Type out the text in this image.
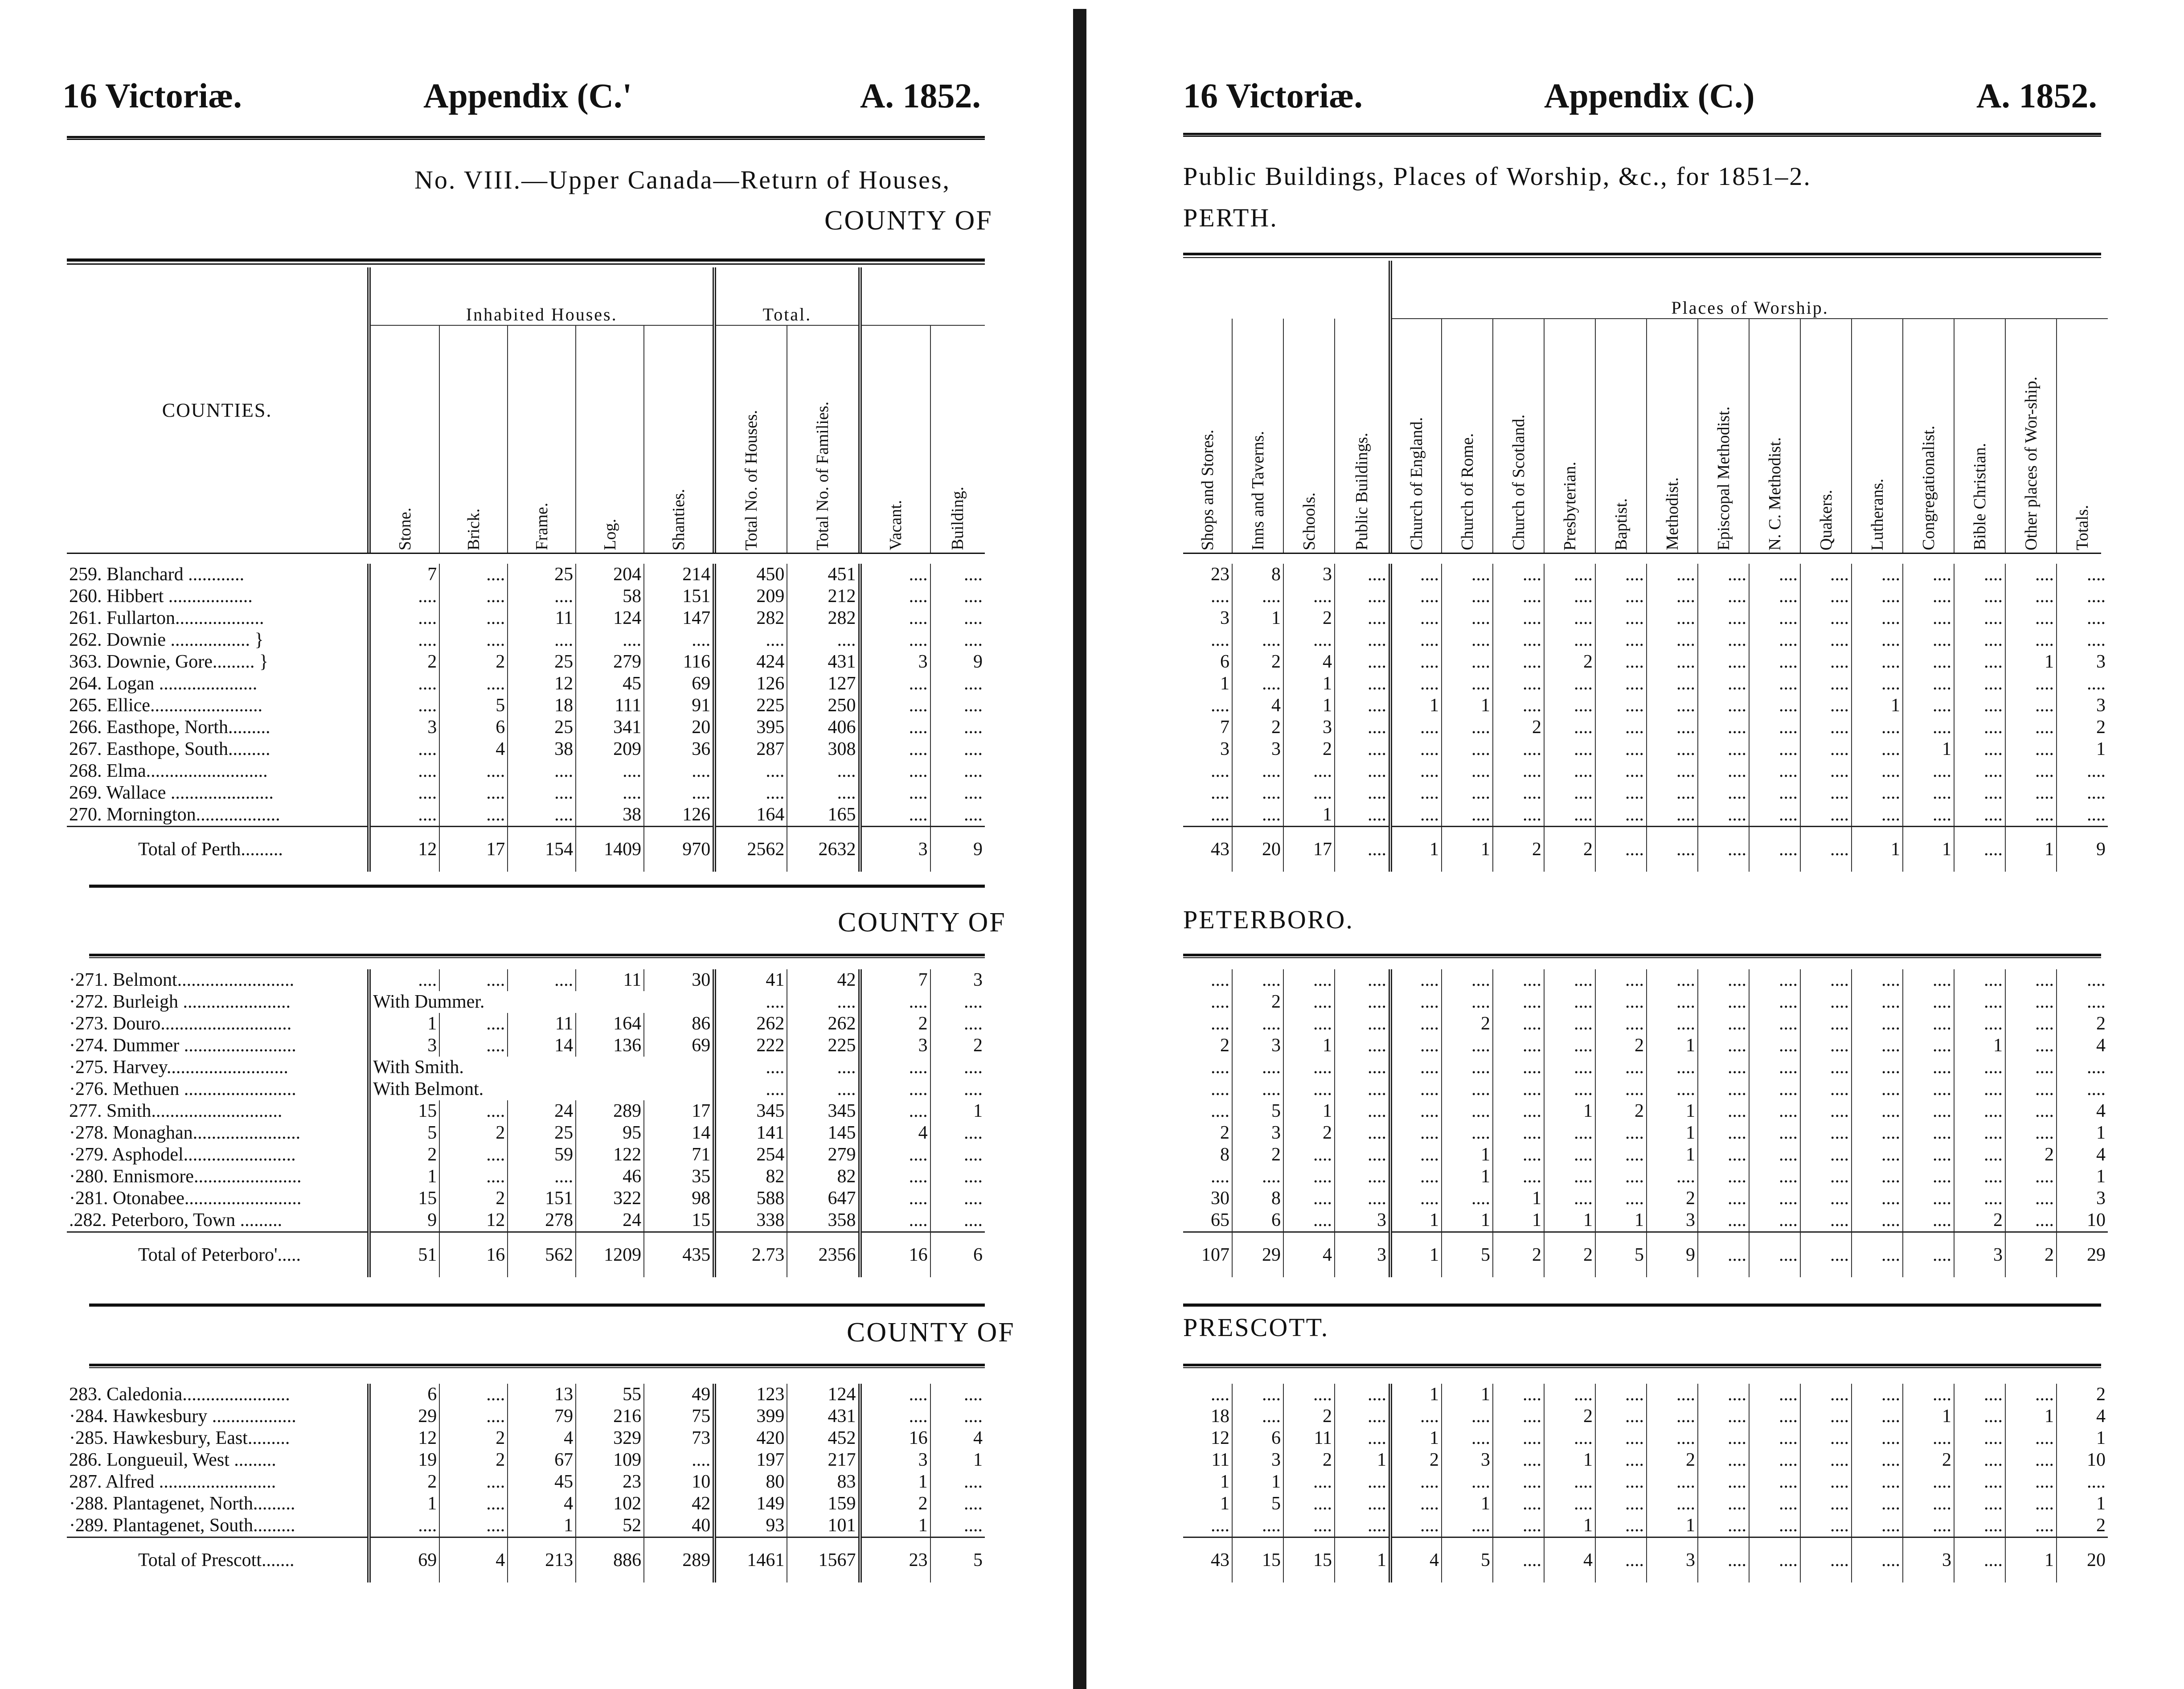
16 Victoriæ.	Appendix (C.'	A. 1852.
No. VIII.—Upper Canada—Return of Houses,
COUNTY OF
COUNTIES.	Inhabited Houses.					Total.			
	Stone.	Brick.	Frame.	Log.	Shanties.	Total No. of Houses.	Total No. of Families.	Vacant.	Building.
259. Blanchard ............	7	....	25	204	214	450	451	....	....
260. Hibbert ..................	....	....	....	58	151	209	212	....	....
261. Fullarton...................	....	....	11	124	147	282	282	....	....
262. Downie ................. }	....	....	....	....	....	....	....	....	....
363. Downie, Gore......... }	2	2	25	279	116	424	431	3	9
264. Logan .....................	....	....	12	45	69	126	127	....	....
265. Ellice........................	....	5	18	111	91	225	250	....	....
266. Easthope, North.........	3	6	25	341	20	395	406	....	....
267. Easthope, South.........	....	4	38	209	36	287	308	....	....
268. Elma..........................	....	....	....	....	....	....	....	....	....
269. Wallace ......................	....	....	....	....	....	....	....	....	....
270. Mornington..................	....	....	....	38	126	164	165	....	....
Total of Perth.........	12	17	154	1409	970	2562	2632	3	9
COUNTY OF
·271. Belmont.........................	....	....	....	11	30	41	42	7	3
·272. Burleigh .......................	With Dummer.					....	....	....	....
·273. Douro............................	1	....	11	164	86	262	262	2	....
·274. Dummer ........................	3	....	14	136	69	222	225	3	2
·275. Harvey..........................	With Smith.					....	....	....	....
·276. Methuen ........................	With Belmont.					....	....	....	....
277. Smith............................	15	....	24	289	17	345	345	....	1
·278. Monaghan.......................	5	2	25	95	14	141	145	4	....
·279. Asphodel........................	2	....	59	122	71	254	279	....	....
·280. Ennismore.......................	1	....	....	46	35	82	82	....	....
·281. Otonabee.........................	15	2	151	322	98	588	647	....	....
.282. Peterboro, Town .........	9	12	278	24	15	338	358	....	....
Total of Peterboro'.....	51	16	562	1209	435	2.73	2356	16	6
COUNTY OF
283. Caledonia.......................	6	....	13	55	49	123	124	....	....
·284. Hawkesbury ..................	29	....	79	216	75	399	431	....	....
·285. Hawkesbury, East.........	12	2	4	329	73	420	452	16	4
286. Longueuil, West .........	19	2	67	109	....	197	217	3	1
287. Alfred .........................	2	....	45	23	10	80	83	1	....
·288. Plantagenet, North.........	1	....	4	102	42	149	159	2	....
·289. Plantagenet, South.........	....	....	1	52	40	93	101	1	....
Total of Prescott.......	69	4	213	886	289	1461	1567	23	5
16 Victoriæ.	Appendix (C.)	A. 1852.
Public Buildings, Places of Worship, &c., for 1851–2.
PERTH.
				Places of Worship.													
Shops and Stores.	Inns and Taverns.	Schools.	Public Buildings.	Church of England.	Church of Rome.	Church of Scotland.	Presbyterian.	Baptist.	Methodist.	Episcopal Methodist.	N. C. Methodist.	Quakers.	Lutherans.	Congregationalist.	Bible Christian.	Other places of Wor-ship.	Totals.
23	8	3	....	....	....	....	....	....	....	....	....	....	....	....	....	....	....
....	....	....	....	....	....	....	....	....	....	....	....	....	....	....	....	....	....
3	1	2	....	....	....	....	....	....	....	....	....	....	....	....	....	....	....
....	....	....	....	....	....	....	....	....	....	....	....	....	....	....	....	....	....
6	2	4	....	....	....	....	2	....	....	....	....	....	....	....	....	1	3
1	....	1	....	....	....	....	....	....	....	....	....	....	....	....	....	....	....
....	4	1	....	1	1	....	....	....	....	....	....	....	1	....	....	....	3
7	2	3	....	....	....	2	....	....	....	....	....	....	....	....	....	....	2
3	3	2	....	....	....	....	....	....	....	....	....	....	....	1	....	....	1
....	....	....	....	....	....	....	....	....	....	....	....	....	....	....	....	....	....
....	....	....	....	....	....	....	....	....	....	....	....	....	....	....	....	....	....
....	....	1	....	....	....	....	....	....	....	....	....	....	....	....	....	....	....
43	20	17	....	1	1	2	2	....	....	....	....	....	1	1	....	1	9
PETERBORO.
....	....	....	....	....	....	....	....	....	....	....	....	....	....	....	....	....	....
....	2	....	....	....	....	....	....	....	....	....	....	....	....	....	....	....	....
....	....	....	....	....	2	....	....	....	....	....	....	....	....	....	....	....	2
2	3	1	....	....	....	....	....	2	1	....	....	....	....	....	1	....	4
....	....	....	....	....	....	....	....	....	....	....	....	....	....	....	....	....	....
....	....	....	....	....	....	....	....	....	....	....	....	....	....	....	....	....	....
....	5	1	....	....	....	....	1	2	1	....	....	....	....	....	....	....	4
2	3	2	....	....	....	....	....	....	1	....	....	....	....	....	....	....	1
8	2	....	....	....	1	....	....	....	1	....	....	....	....	....	....	2	4
....	....	....	....	....	1	....	....	....	....	....	....	....	....	....	....	....	1
30	8	....	....	....	....	1	....	....	2	....	....	....	....	....	....	....	3
65	6	....	3	1	1	1	1	1	3	....	....	....	....	....	2	....	10
107	29	4	3	1	5	2	2	5	9	....	....	....	....	....	3	2	29
PRESCOTT.
....	....	....	....	1	1	....	....	....	....	....	....	....	....	....	....	....	2
18	....	2	....	....	....	....	2	....	....	....	....	....	....	1	....	1	4
12	6	11	....	1	....	....	....	....	....	....	....	....	....	....	....	....	1
11	3	2	1	2	3	....	1	....	2	....	....	....	....	2	....	....	10
1	1	....	....	....	....	....	....	....	....	....	....	....	....	....	....	....	....
1	5	....	....	....	1	....	....	....	....	....	....	....	....	....	....	....	1
....	....	....	....	....	....	....	1	....	1	....	....	....	....	....	....	....	2
43	15	15	1	4	5	....	4	....	3	....	....	....	....	3	....	1	20
